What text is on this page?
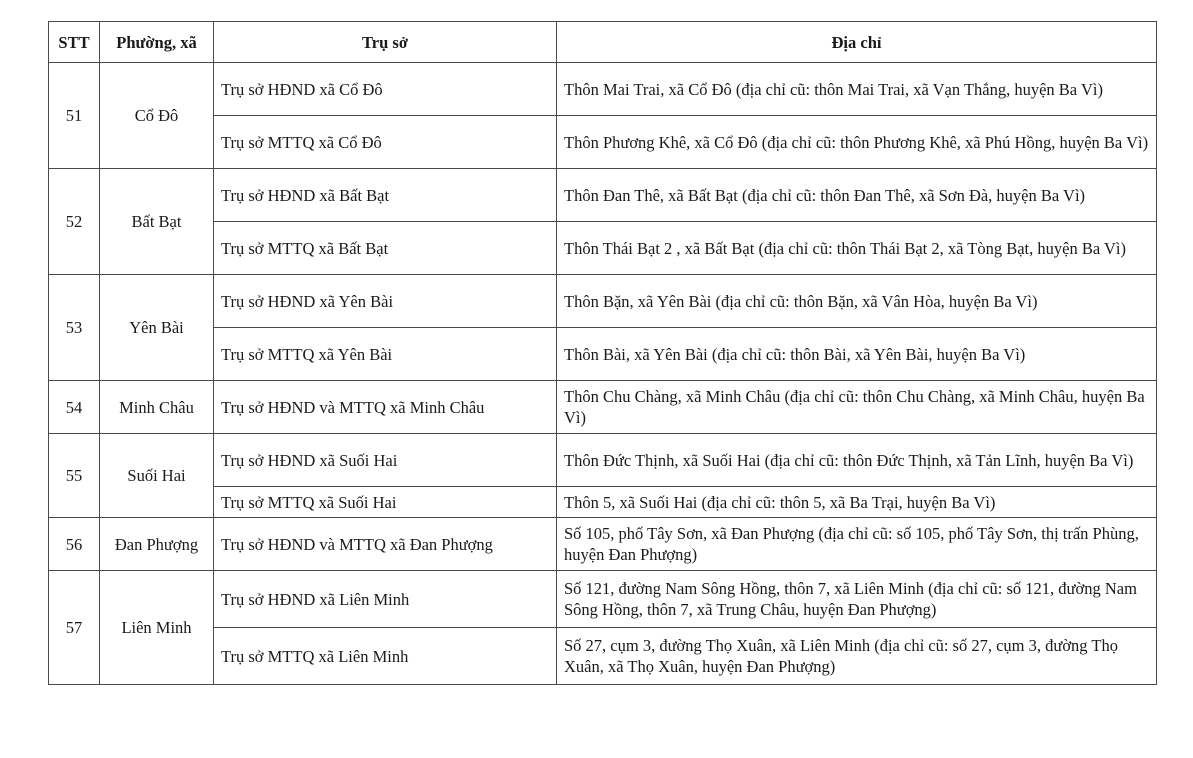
STT	Phường, xã	Trụ sở	Địa chỉ
51	Cổ Đô	Trụ sở HĐND xã Cổ Đô	Thôn Mai Trai, xã Cổ Đô (địa chỉ cũ: thôn Mai Trai, xã Vạn Thắng, huyện Ba Vì)
		Trụ sở MTTQ xã Cổ Đô	Thôn Phương Khê, xã Cổ Đô (địa chỉ cũ: thôn Phương Khê, xã Phú Hồng, huyện Ba Vì)
52	Bất Bạt	Trụ sở HĐND xã Bất Bạt	Thôn Đan Thê, xã Bất Bạt (địa chỉ cũ: thôn Đan Thê, xã Sơn Đà, huyện Ba Vì)
		Trụ sở MTTQ xã Bất Bạt	Thôn Thái Bạt 2 , xã Bất Bạt (địa chỉ cũ: thôn Thái Bạt 2, xã Tòng Bạt, huyện Ba Vì)
53	Yên Bài	Trụ sở HĐND xã Yên Bài	Thôn Bặn, xã Yên Bài (địa chỉ cũ: thôn Bặn, xã Vân Hòa, huyện Ba Vì)
		Trụ sở MTTQ xã Yên Bài	Thôn Bài, xã Yên Bài (địa chỉ cũ: thôn Bài, xã Yên Bài, huyện Ba Vì)
54	Minh Châu	Trụ sở HĐND và MTTQ xã Minh Châu	Thôn Chu Chàng, xã Minh Châu (địa chỉ cũ: thôn Chu Chàng, xã Minh Châu, huyện Ba Vì)
55	Suối Hai	Trụ sở HĐND xã Suối Hai	Thôn Đức Thịnh, xã Suối Hai (địa chỉ cũ: thôn Đức Thịnh, xã Tản Lĩnh, huyện Ba Vì)
		Trụ sở MTTQ xã Suối Hai	Thôn 5, xã Suối Hai (địa chỉ cũ: thôn 5, xã Ba Trại, huyện Ba Vì)
56	Đan Phượng	Trụ sở HĐND và MTTQ xã Đan Phượng	Số 105, phố Tây Sơn, xã Đan Phượng (địa chỉ cũ: số 105, phố Tây Sơn, thị trấn Phùng, huyện Đan Phượng)
57	Liên Minh	Trụ sở HĐND xã Liên Minh	Số 121, đường Nam Sông Hồng, thôn 7, xã Liên Minh (địa chỉ cũ: số 121, đường Nam Sông Hồng, thôn 7, xã Trung Châu, huyện Đan Phượng)
		Trụ sở MTTQ xã Liên Minh	Số 27, cụm 3, đường Thọ Xuân, xã Liên Minh (địa chỉ cũ: số 27, cụm 3, đường Thọ Xuân, xã Thọ Xuân, huyện Đan Phượng)
